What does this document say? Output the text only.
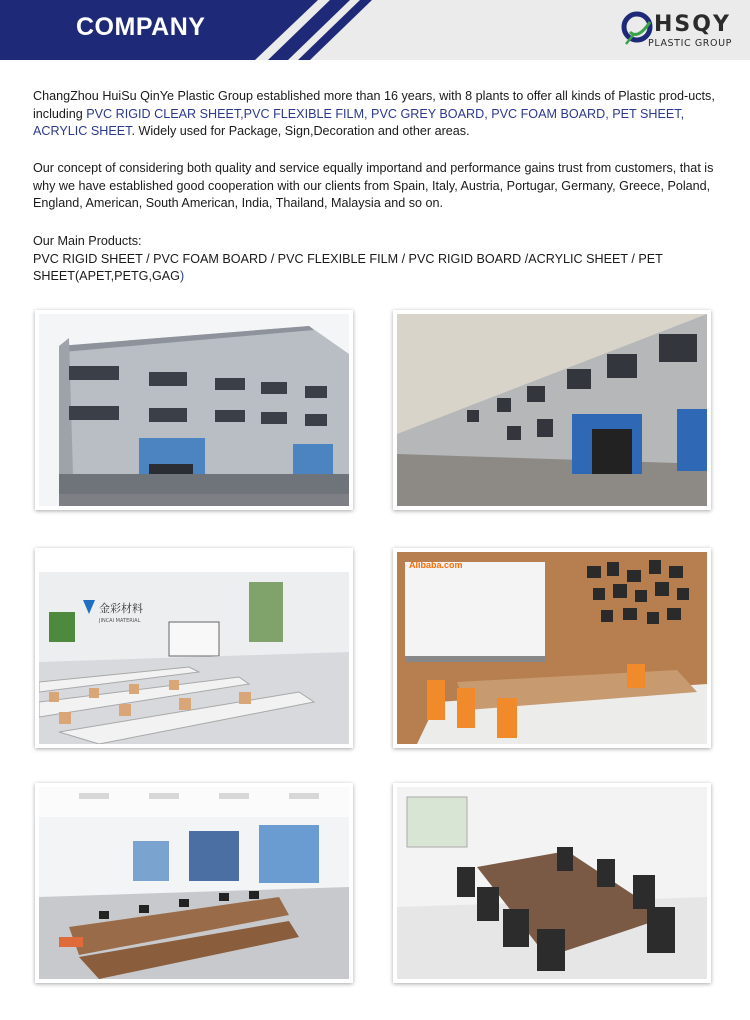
COMPANY	HSQY
PLASTIC GROUP

ChangZhou HuiSu QinYe Plastic Group established more than 16 years, with 8 plants to offer all kinds of Plastic prod-ucts, including PVC RIGID CLEAR SHEET,PVC FLEXIBLE FILM, PVC GREY BOARD, PVC FOAM BOARD, PET SHEET, ACRYLIC SHEET. Widely used for Package, Sign,Decoration and other areas.

Our concept of considering both quality and service equally importand and performance gains trust from customers, that is why we have established good cooperation with our clients from Spain, Italy, Austria, Portugar, Germany, Greece, Poland, England, American, South American, India, Thailand, Malaysia and so on.
Our Main Products:
PVC RIGID SHEET / PVC FOAM BOARD / PVC FLEXIBLE FILM / PVC RIGID BOARD /ACRYLIC SHEET / PET SHEET(APET,PETG,GAG)
金彩材料
JINCAI MATERIAL
Alibaba.com
